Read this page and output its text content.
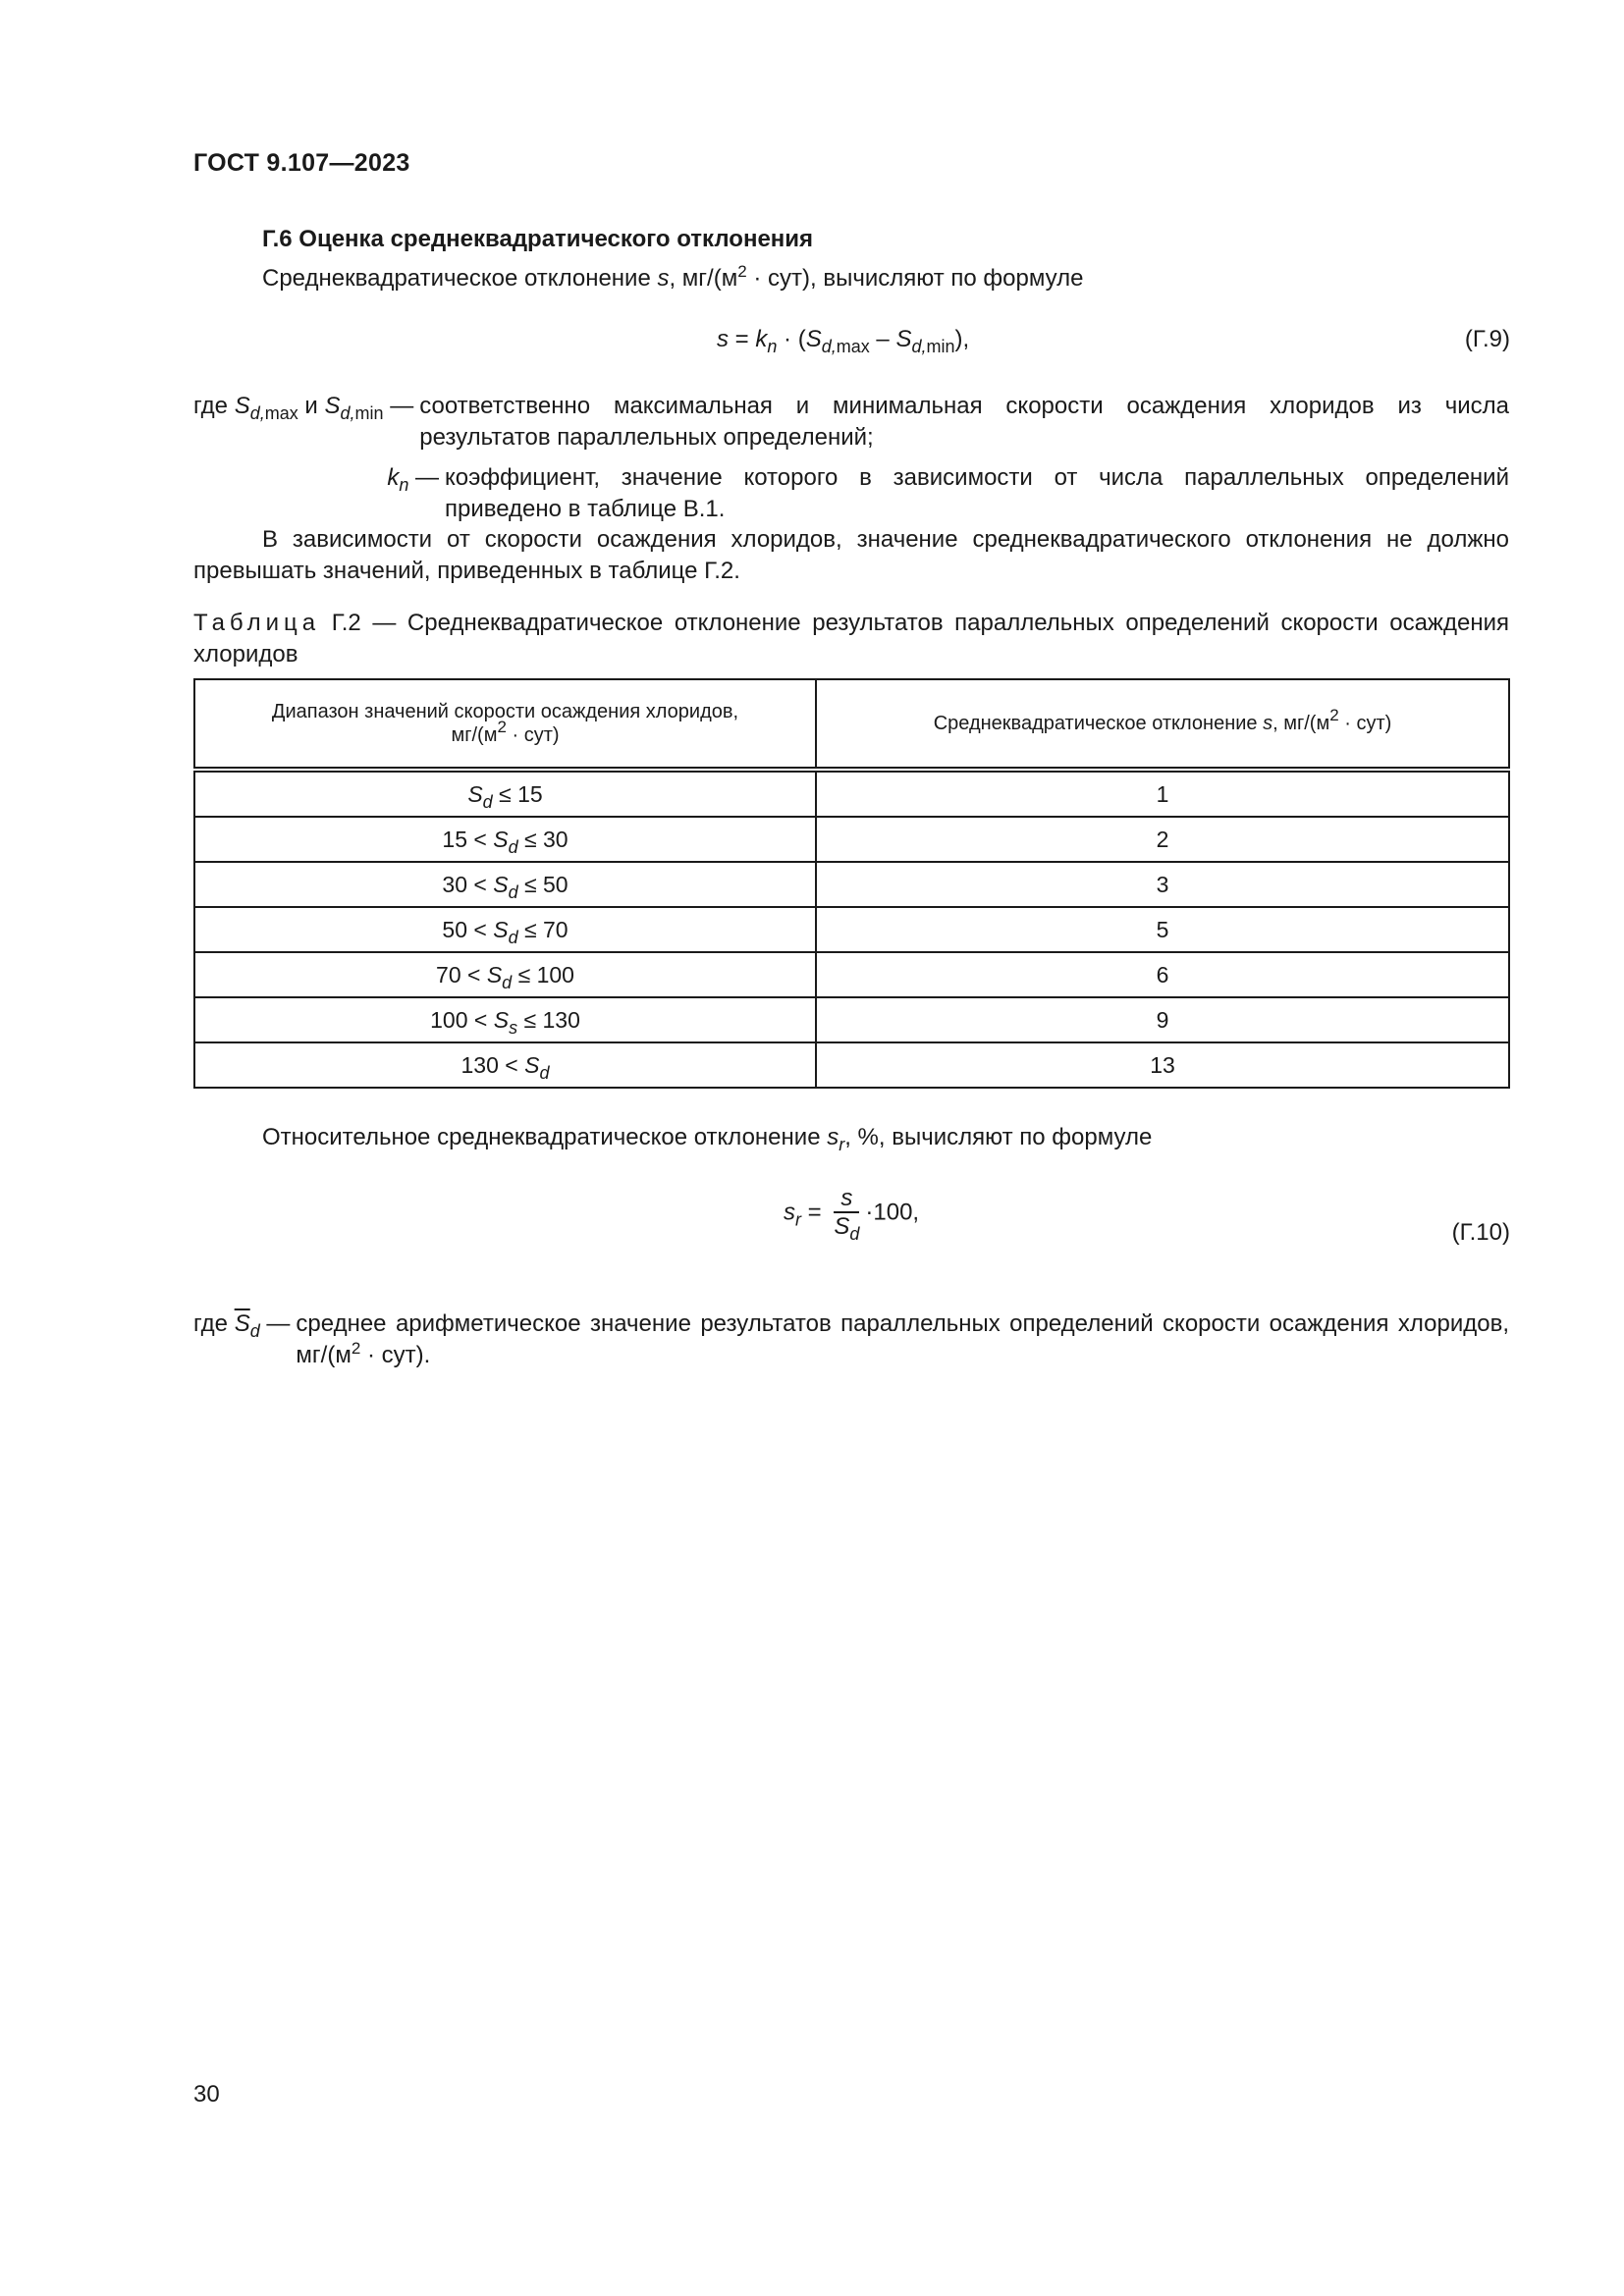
ГОСТ 9.107—2023
Г.6 Оценка среднеквадратического отклонения
Среднеквадратическое отклонение s, $мг/(м^2 \cdot сут)$, вычисляют по формуле
$s = k_n \cdot (S_{d,max} - S_{d,min})$,	(Г.9)
где $S_{d,max}$ и $S_{d,min}$ — соответственно максимальная и минимальная скорости осаждения хлоридов из числа результатов параллельных определений;
$k_n$ — коэффициент, значение которого в зависимости от числа параллельных определений приведено в таблице В.1.
В зависимости от скорости осаждения хлоридов, значение среднеквадратического отклонения не должно превышать значений, приведенных в таблице Г.2.
Таблица Г.2 — Среднеквадратическое отклонение результатов параллельных определений скорости осаждения хлоридов
Диапазон значений скорости осаждения хлоридов,
$мг/(м^2 \cdot сут)$	Среднеквадратическое отклонение s, $мг/(м^2 \cdot сут)$
$S_d \le 15$	1
$15 < S_d \le 30$	2
$30 < S_d \le 50$	3
$50 < S_d \le 70$	5
$70 < S_d \le 100$	6
$100 < S_s \le 130$	9
$130 < S_d$	13
Относительное среднеквадратическое отклонение $s_r$, %, вычисляют по формуле
$s_r = \frac{s}{\overline{S}_d} \cdot 100$,
(Г.10)
где $\overline{S}_d$ — среднее арифметическое значение результатов параллельных определений скорости осаждения хлоридов, $мг/(м^2 \cdot сут)$.
30
